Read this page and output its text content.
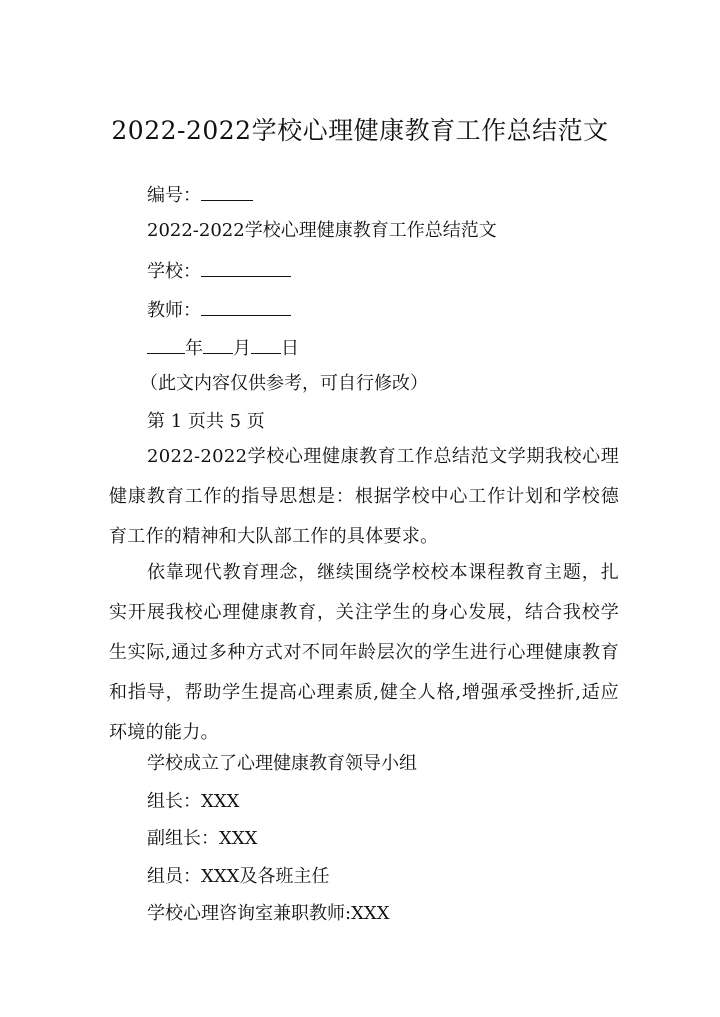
2022-2022学校心理健康教育工作总结范文
编号：
2022-2022学校心理健康教育工作总结范文
学校：
教师：
年 月 日
（此文内容仅供参考，可自行修改）
第 1 页共 5 页
2022-2022学校心理健康教育工作总结范文学期我校心理健康教育工作的指导思想是：根据学校中心工作计划和学校德育工作的精神和大队部工作的具体要求。
依靠现代教育理念，继续围绕学校校本课程教育主题，扎实开展我校心理健康教育，关注学生的身心发展，结合我校学生实际,通过多种方式对不同年龄层次的学生进行心理健康教育和指导，帮助学生提高心理素质,健全人格,增强承受挫折,适应环境的能力。
学校成立了心理健康教育领导小组
组长：XXX
副组长：XXX
组员：XXX及各班主任
学校心理咨询室兼职教师:XXX
